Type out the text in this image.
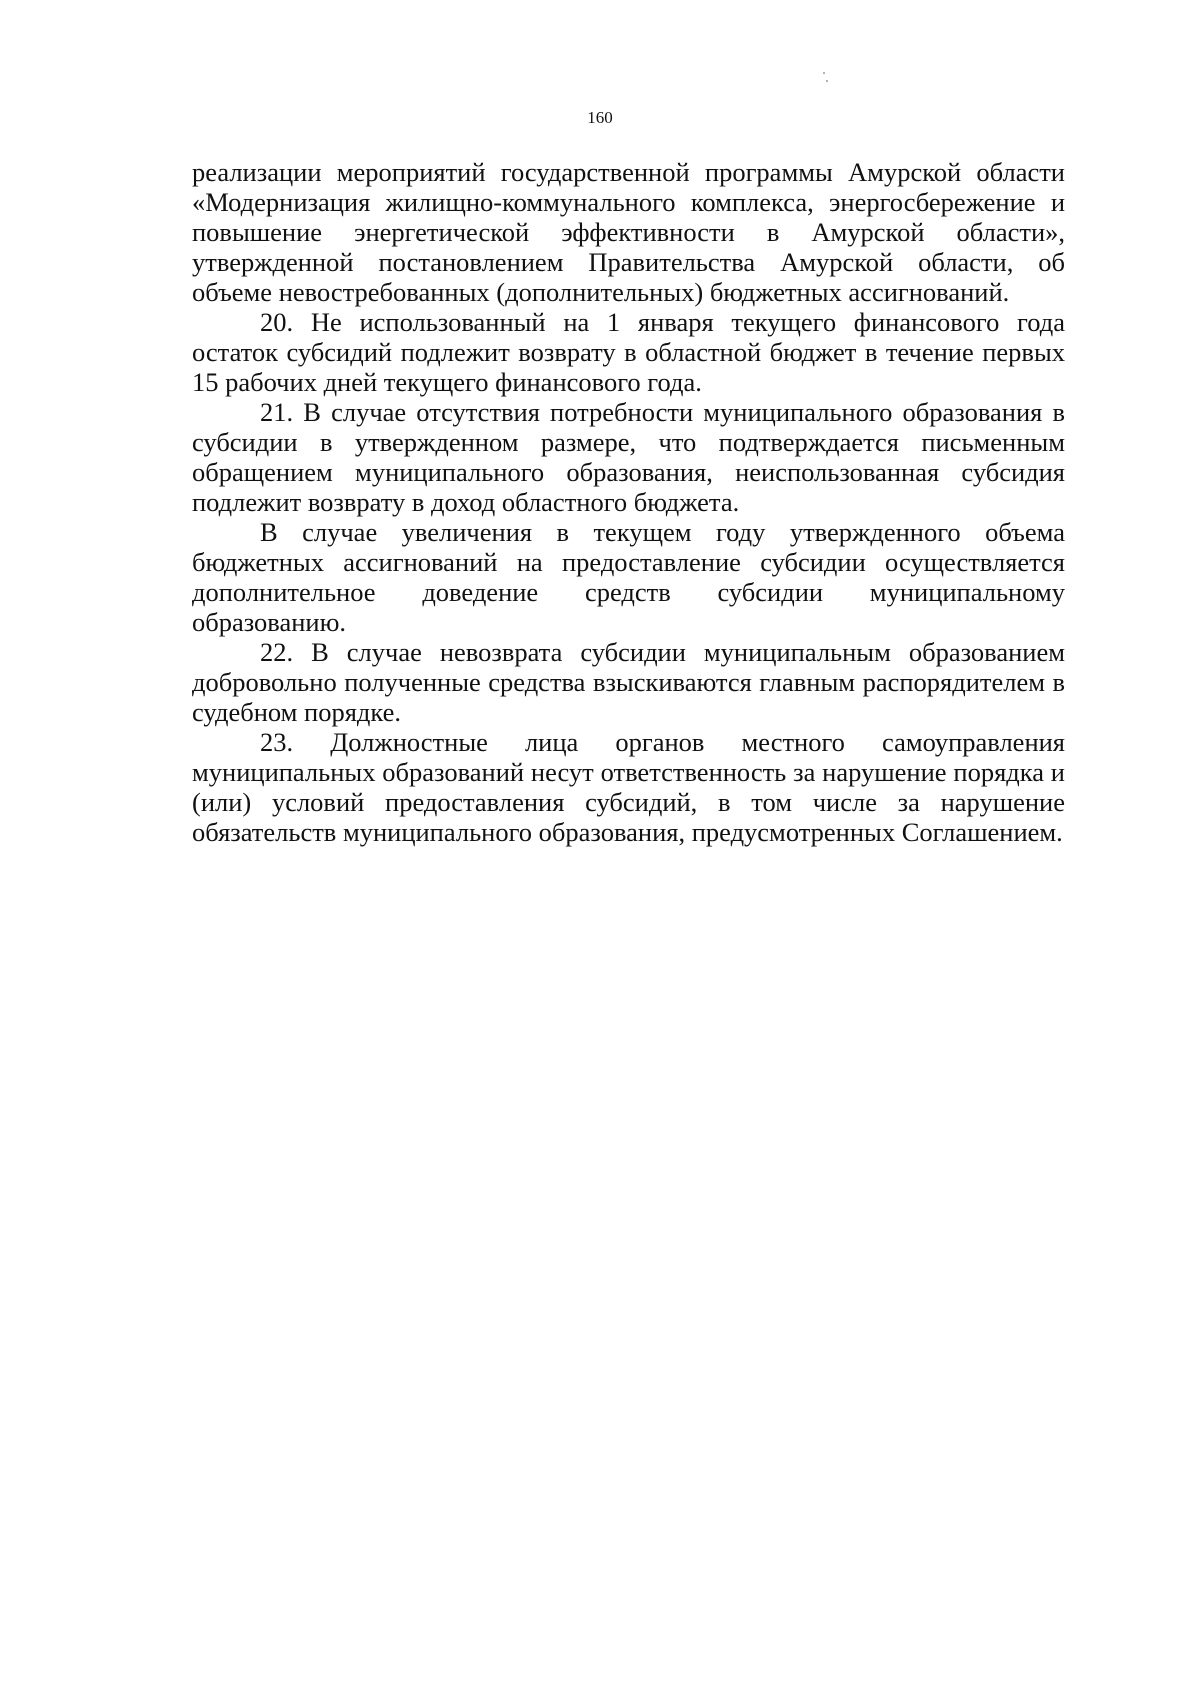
160

реализации мероприятий государственной программы Амурской области

«Модернизация жилищно-коммунального комплекса, энергосбережение и

повышение энергетической эффективности в Амурской области»,

утвержденной постановлением Правительства Амурской области, об

объеме невостребованных (дополнительных) бюджетных ассигнований.

20. Не использованный на 1 января текущего финансового года остаток субсидий подлежит возврату в областной бюджет в течение первых 15 рабочих дней текущего финансового года.

21. В случае отсутствия потребности муниципального образования в субсидии в утвержденном размере, что подтверждается письменным обращением муниципального образования, неиспользованная субсидия подлежит возврату в доход областного бюджета.

В случае увеличения в текущем году утвержденного объема бюджетных ассигнований на предоставление субсидии осуществляется дополнительное доведение средств субсидии муниципальному образованию.

22. В случае невозврата субсидии муниципальным образованием добровольно полученные средства взыскиваются главным распорядителем в судебном порядке.

23. Должностные лица органов местного самоуправления муниципальных образований несут ответственность за нарушение порядка и (или) условий предоставления субсидий, в том числе за нарушение обязательств муниципального образования, предусмотренных Соглашением.
